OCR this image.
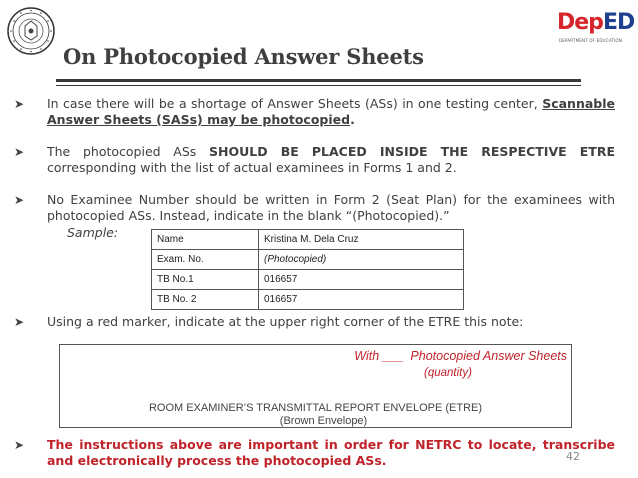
DepED
DEPARTMENT OF EDUCATION
On Photocopied Answer Sheets
➤ In case there will be a shortage of Answer Sheets (ASs) in one testing center, Scannable Answer Sheets (SASs) may be photocopied.
➤ The photocopied ASs SHOULD BE PLACED INSIDE THE RESPECTIVE ETRE corresponding with the list of actual examinees in Forms 1 and 2.
➤ No Examinee Number should be written in Form 2 (Seat Plan) for the examinees with photocopied ASs. Instead, indicate in the blank “(Photocopied).”
Sample:	Name	Kristina M. Dela Cruz
Exam. No.	(Photocopied)
TB No.1	016657
TB No. 2	016657
➤ Using a red marker, indicate at the upper right corner of the ETRE this note:
With ___  Photocopied Answer Sheets
(quantity)
ROOM EXAMINER’S TRANSMITTAL REPORT ENVELOPE (ETRE)
(Brown Envelope)
➤ The instructions above are important in order for NETRC to locate, transcribe and electronically process the photocopied ASs.	42
